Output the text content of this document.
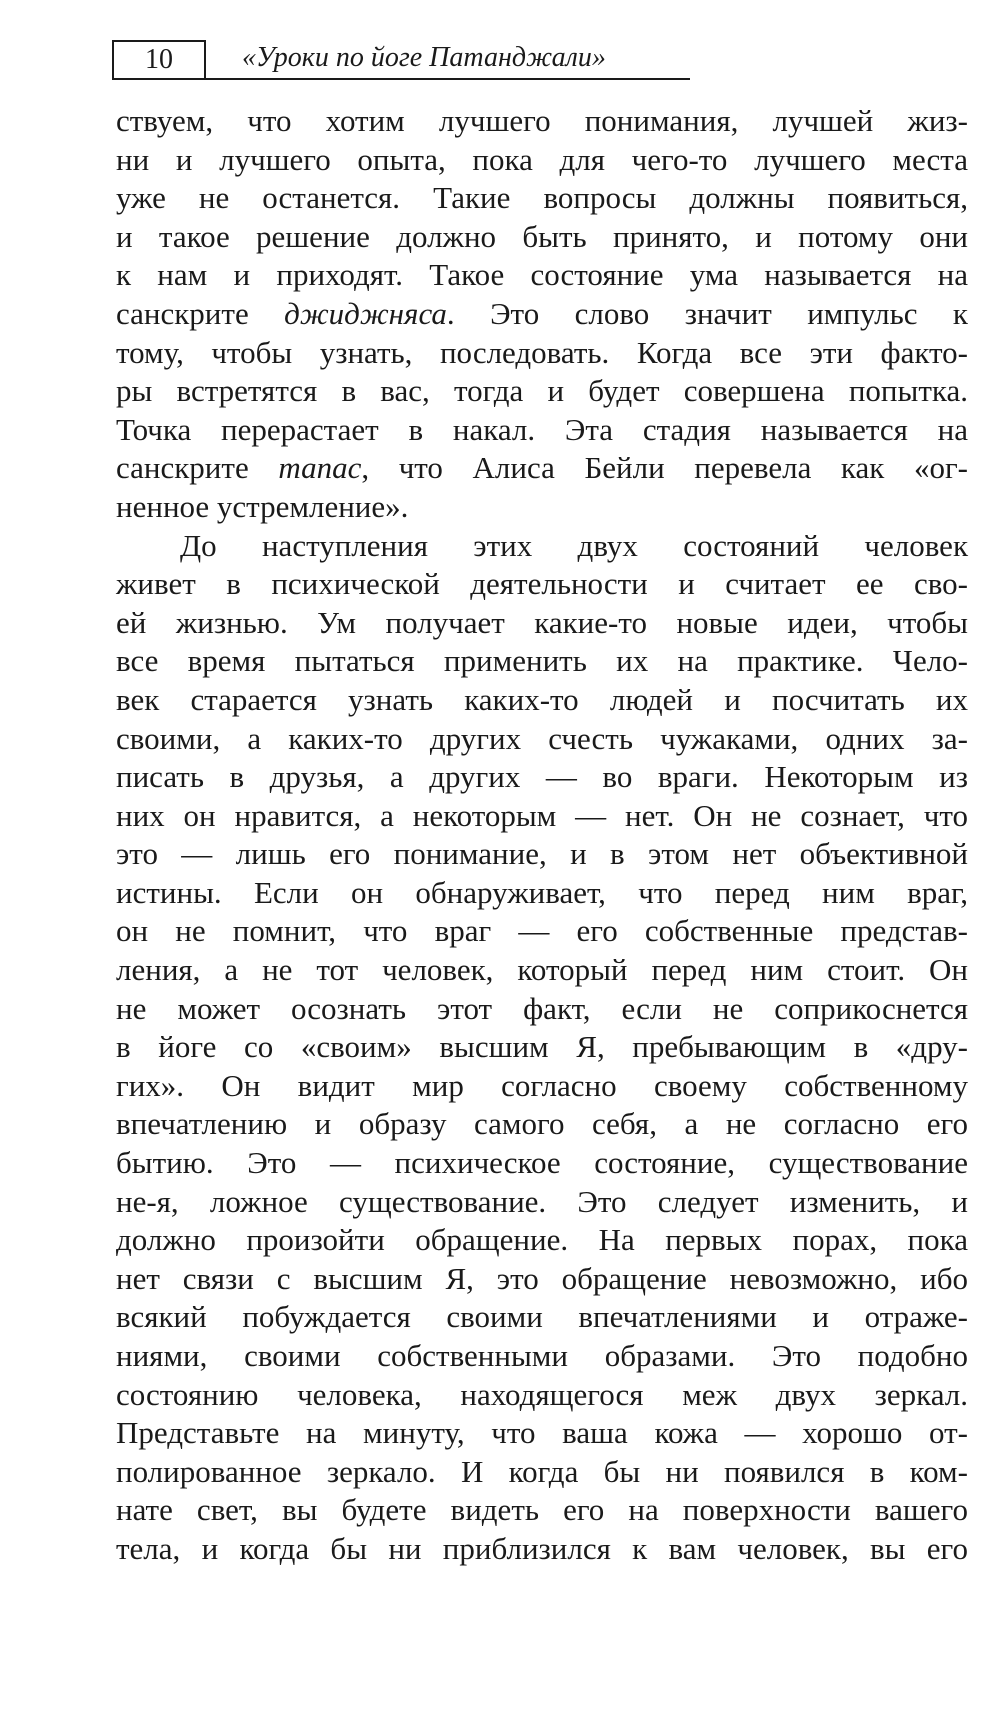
10	«Уроки по йоге Патанджали»
ствуем, что хотим лучшего понимания, лучшей жиз-
ни и лучшего опыта, пока для чего-то лучшего места
уже не останется. Такие вопросы должны появиться,
и такое решение должно быть принято, и потому они
к нам и приходят. Такое состояние ума называется на
санскрите джиджняса. Это слово значит импульс к
тому, чтобы узнать, последовать. Когда все эти факто-
ры встретятся в вас, тогда и будет совершена попытка.
Точка перерастает в накал. Эта стадия называется на
санскрите тапас, что Алиса Бейли перевела как «ог-
ненное устремление».
До наступления этих двух состояний человек
живет в психической деятельности и считает ее сво-
ей жизнью. Ум получает какие-то новые идеи, чтобы
все время пытаться применить их на практике. Чело-
век старается узнать каких-то людей и посчитать их
своими, а каких-то других счесть чужаками, одних за-
писать в друзья, а других — во враги. Некоторым из
них он нравится, а некоторым — нет. Он не сознает, что
это — лишь его понимание, и в этом нет объективной
истины. Если он обнаруживает, что перед ним враг,
он не помнит, что враг — его собственные представ-
ления, а не тот человек, который перед ним стоит. Он
не может осознать этот факт, если не соприкоснется
в йоге со «своим» высшим Я, пребывающим в «дру-
гих». Он видит мир согласно своему собственному
впечатлению и образу самого себя, а не согласно его
бытию. Это — психическое состояние, существование
не-я, ложное существование. Это следует изменить, и
должно произойти обращение. На первых порах, пока
нет связи с высшим Я, это обращение невозможно, ибо
всякий побуждается своими впечатлениями и отраже-
ниями, своими собственными образами. Это подобно
состоянию человека, находящегося меж двух зеркал.
Представьте на минуту, что ваша кожа — хорошо от-
полированное зеркало. И когда бы ни появился в ком-
нате свет, вы будете видеть его на поверхности вашего
тела, и когда бы ни приблизился к вам человек, вы его
